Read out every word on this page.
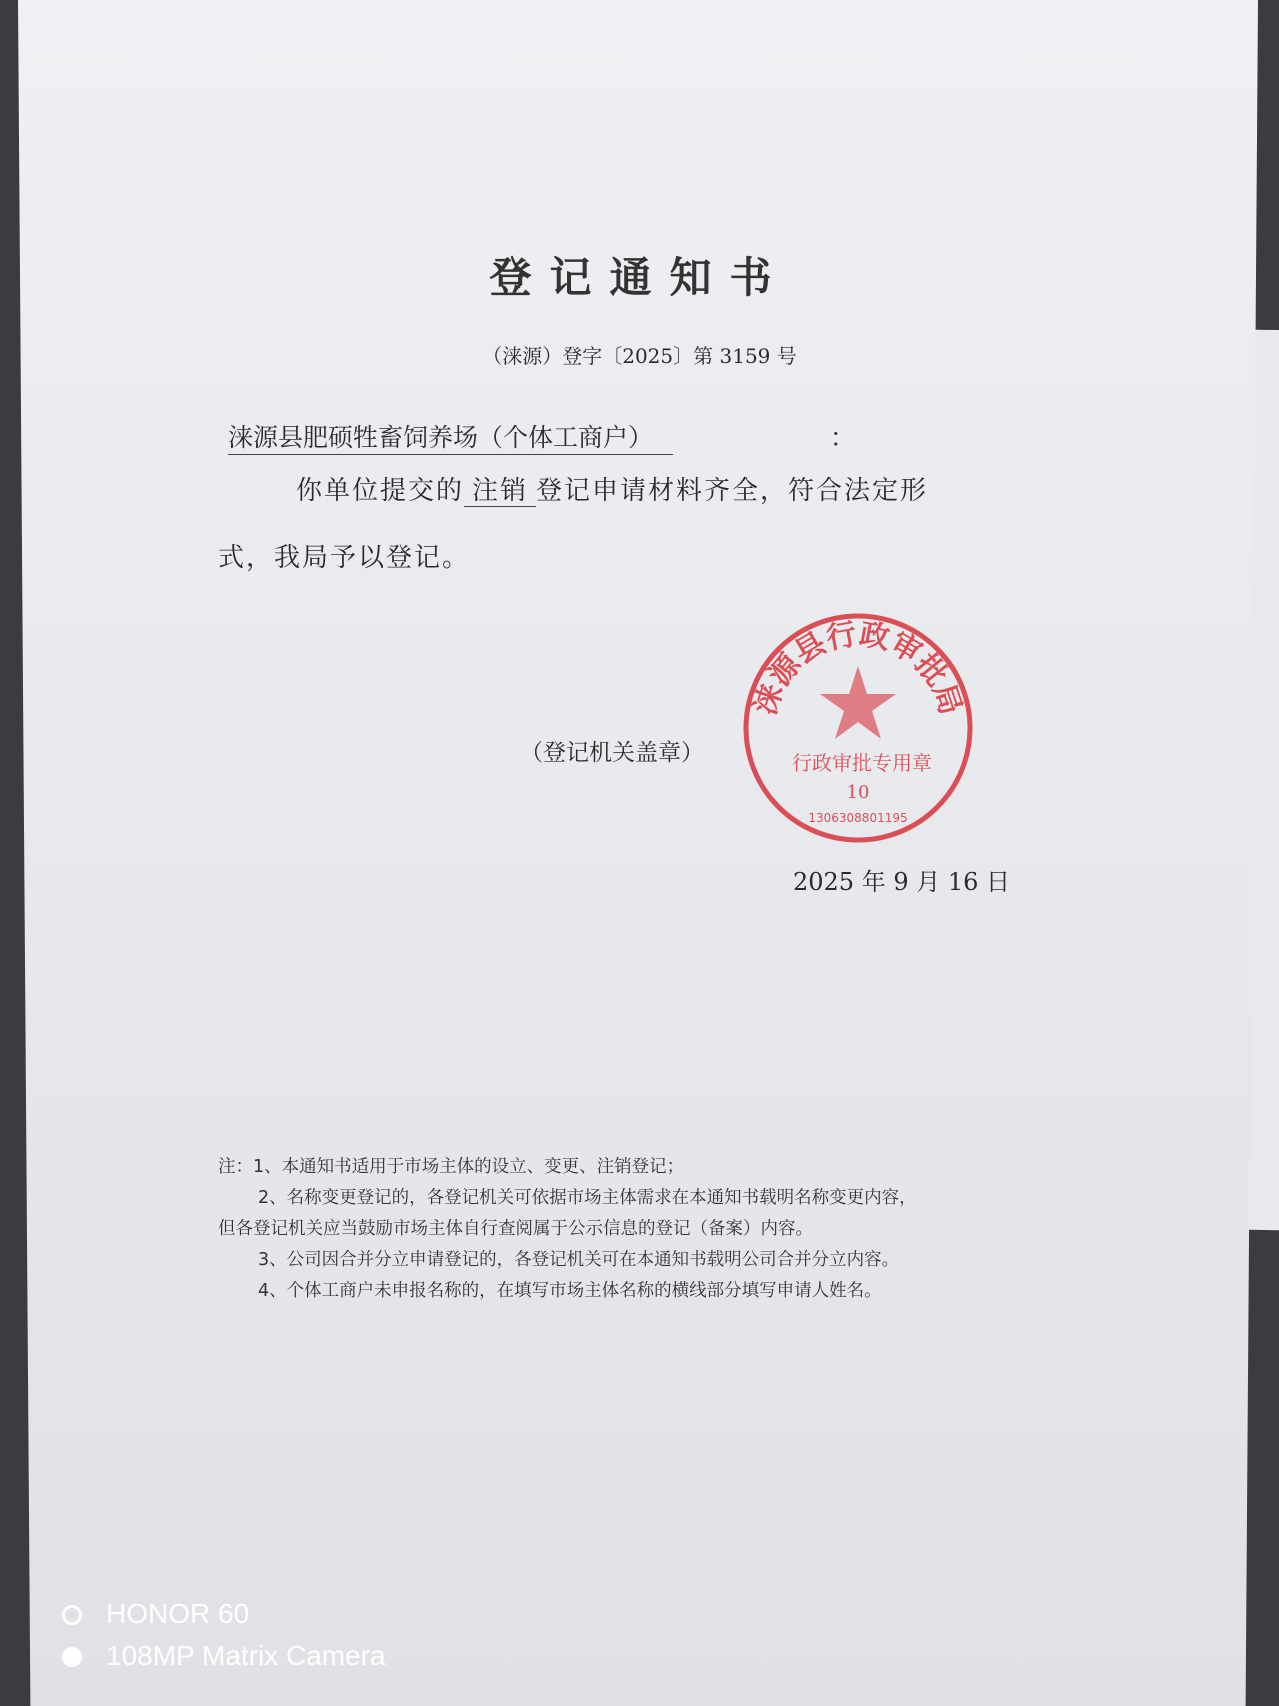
登记通知书
（涞源）登字〔2025〕第 3159 号
涞源县肥硕牲畜饲养场（个体工商户）	：
你单位提交的 注销 登记申请材料齐全，符合法定形
式，我局予以登记。
涞源县行政审批局
行政审批专用章
10
1306308801195
（登记机关盖章）
2025 年 9 月 16 日
注：1、本通知书适用于市场主体的设立、变更、注销登记；
2、名称变更登记的，各登记机关可依据市场主体需求在本通知书载明名称变更内容，
但各登记机关应当鼓励市场主体自行查阅属于公示信息的登记（备案）内容。
3、公司因合并分立申请登记的，各登记机关可在本通知书载明公司合并分立内容。
4、个体工商户未申报名称的，在填写市场主体名称的横线部分填写申请人姓名。
HONOR 60
108MP Matrix Camera
